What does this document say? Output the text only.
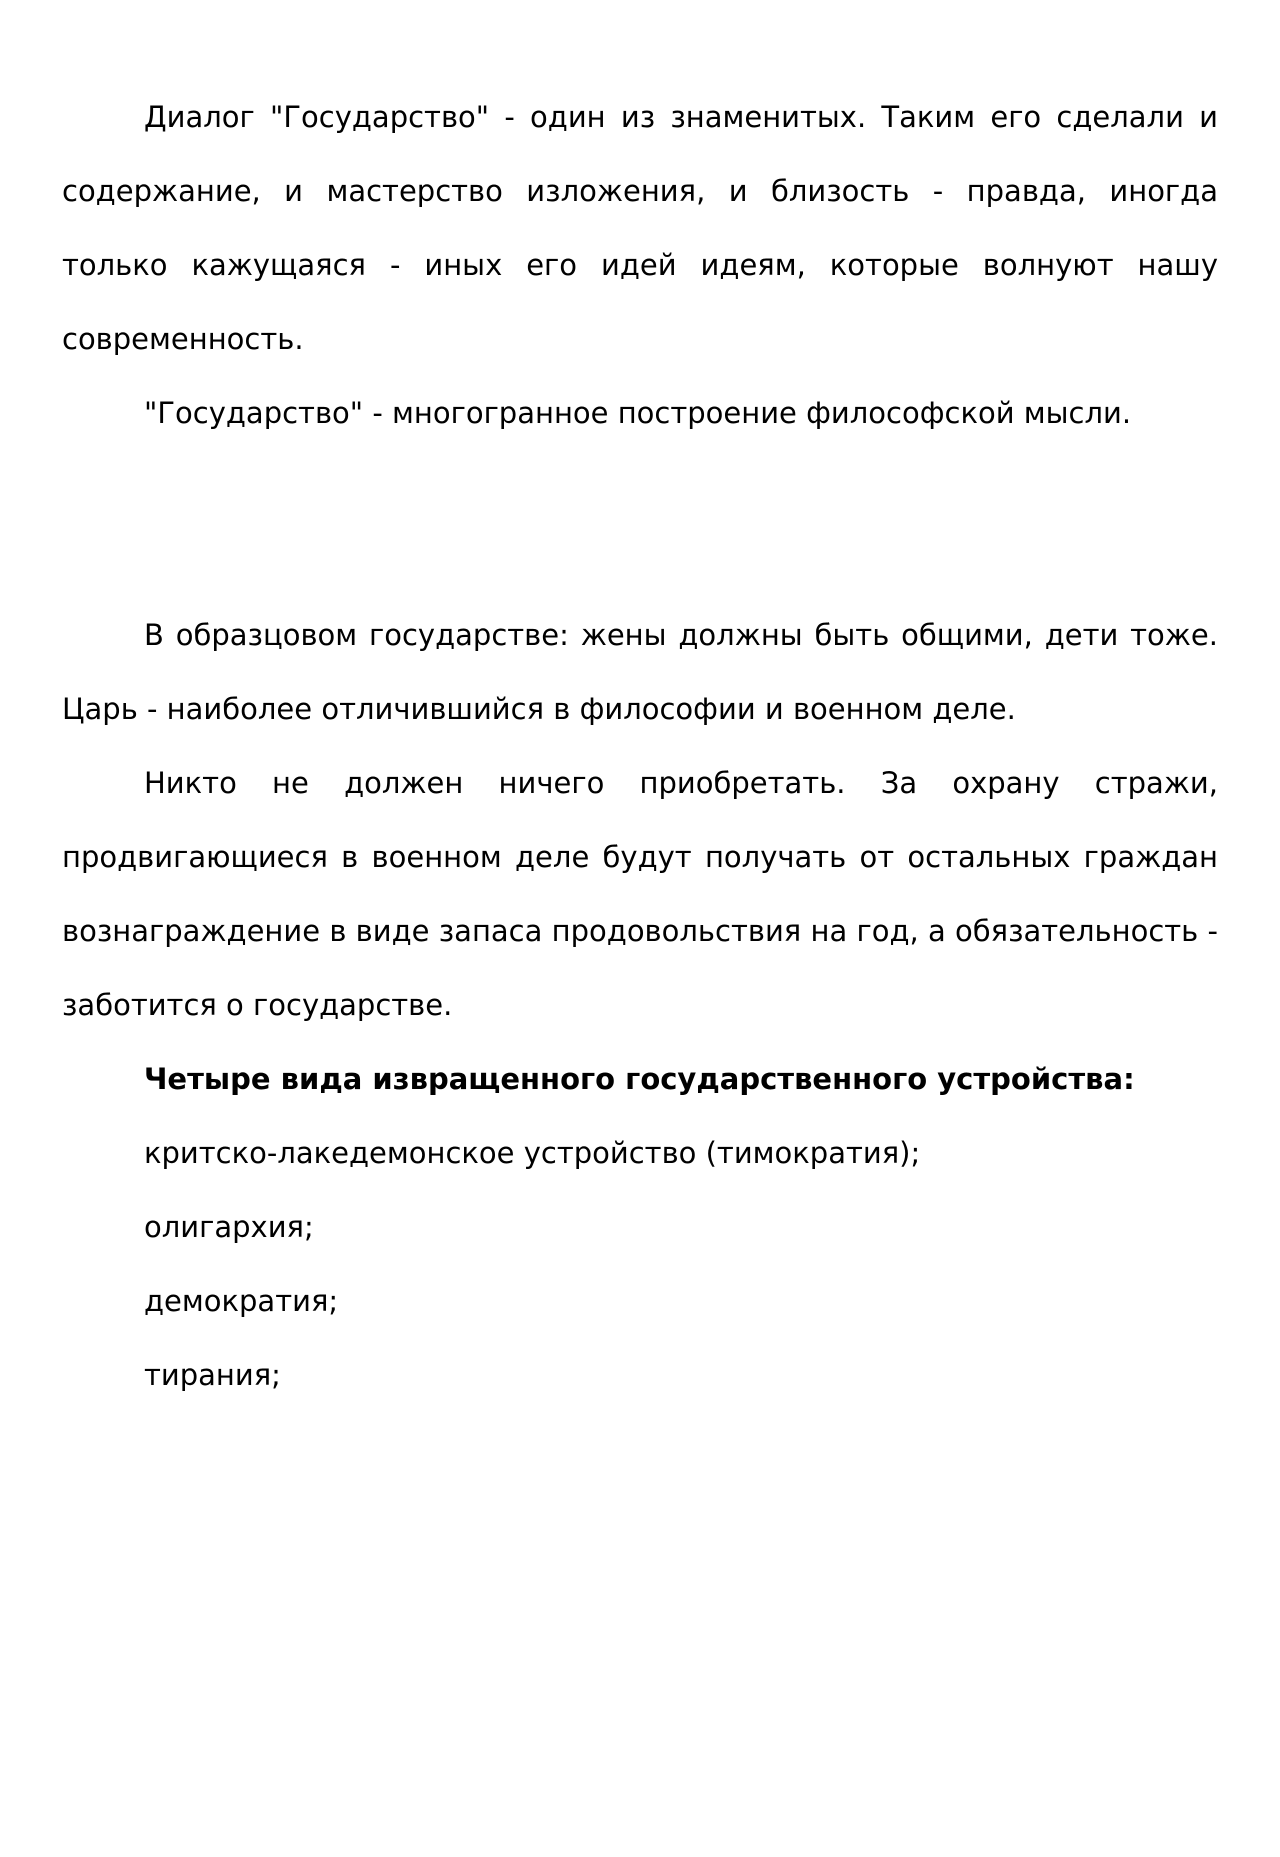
Диалог "Государство" - один из знаменитых. Таким его сделали и содержание, и мастерство изложения, и близость - правда, иногда только кажущаяся - иных его идей идеям, которые волнуют нашу современность.

"Государство" - многогранное построение философской мысли.

В образцовом государстве: жены должны быть общими, дети тоже. Царь - наиболее отличившийся в философии и военном деле.

Никто не должен ничего приобретать. За охрану стражи, продвигающиеся в военном деле будут получать от остальных граждан вознаграждение в виде запаса продовольствия на год, а обязательность - заботится о государстве.

Четыре вида извращенного государственного устройства:

критско-лакедемонское устройство (тимократия);
олигархия;
демократия;
тирания;
